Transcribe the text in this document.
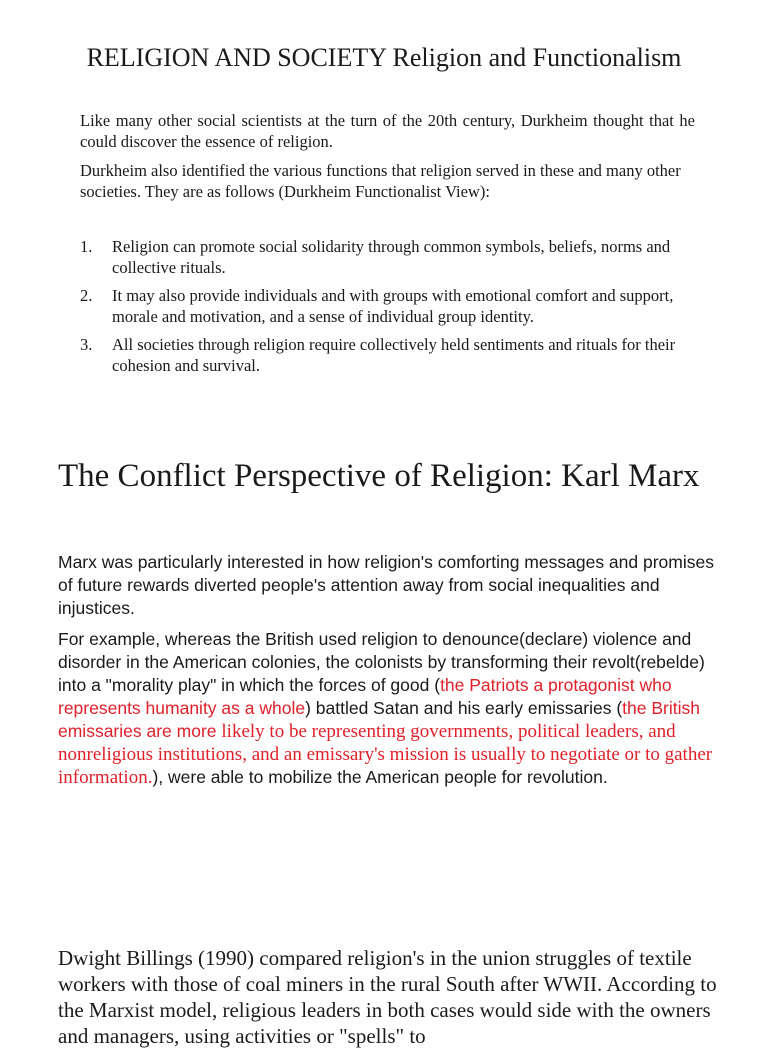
RELIGION AND SOCIETY Religion and Functionalism

Like many other social scientists at the turn of the 20th century, Durkheim thought that he could discover the essence of religion.

Durkheim also identified the various functions that religion served in these and many other societies. They are as follows (Durkheim Functionalist View):

1. Religion can promote social solidarity through common symbols, beliefs, norms and collective rituals.
2. It may also provide individuals and with groups with emotional comfort and support, morale and motivation, and a sense of individual group identity.
3. All societies through religion require collectively held sentiments and rituals for their cohesion and survival.
The Conflict Perspective of Religion: Karl Marx

Marx was particularly interested in how religion's comforting messages and promises of future rewards diverted people's attention away from social inequalities and injustices.

For example, whereas the British used religion to denounce(declare) violence and disorder in the American colonies, the colonists by transforming their revolt(rebelde) into a "morality play" in which the forces of good (the Patriots a protagonist who represents humanity as a whole) battled Satan and his early emissaries (the British emissaries are more likely to be representing governments, political leaders, and nonreligious institutions, and an emissary's mission is usually to negotiate or to gather information.), were able to mobilize the American people for revolution.

Dwight Billings (1990) compared religion's in the union struggles of textile workers with those of coal miners in the rural South after WWII. According to the Marxist model, religious leaders in both cases would side with the owners and managers, using activities or "spells" to
